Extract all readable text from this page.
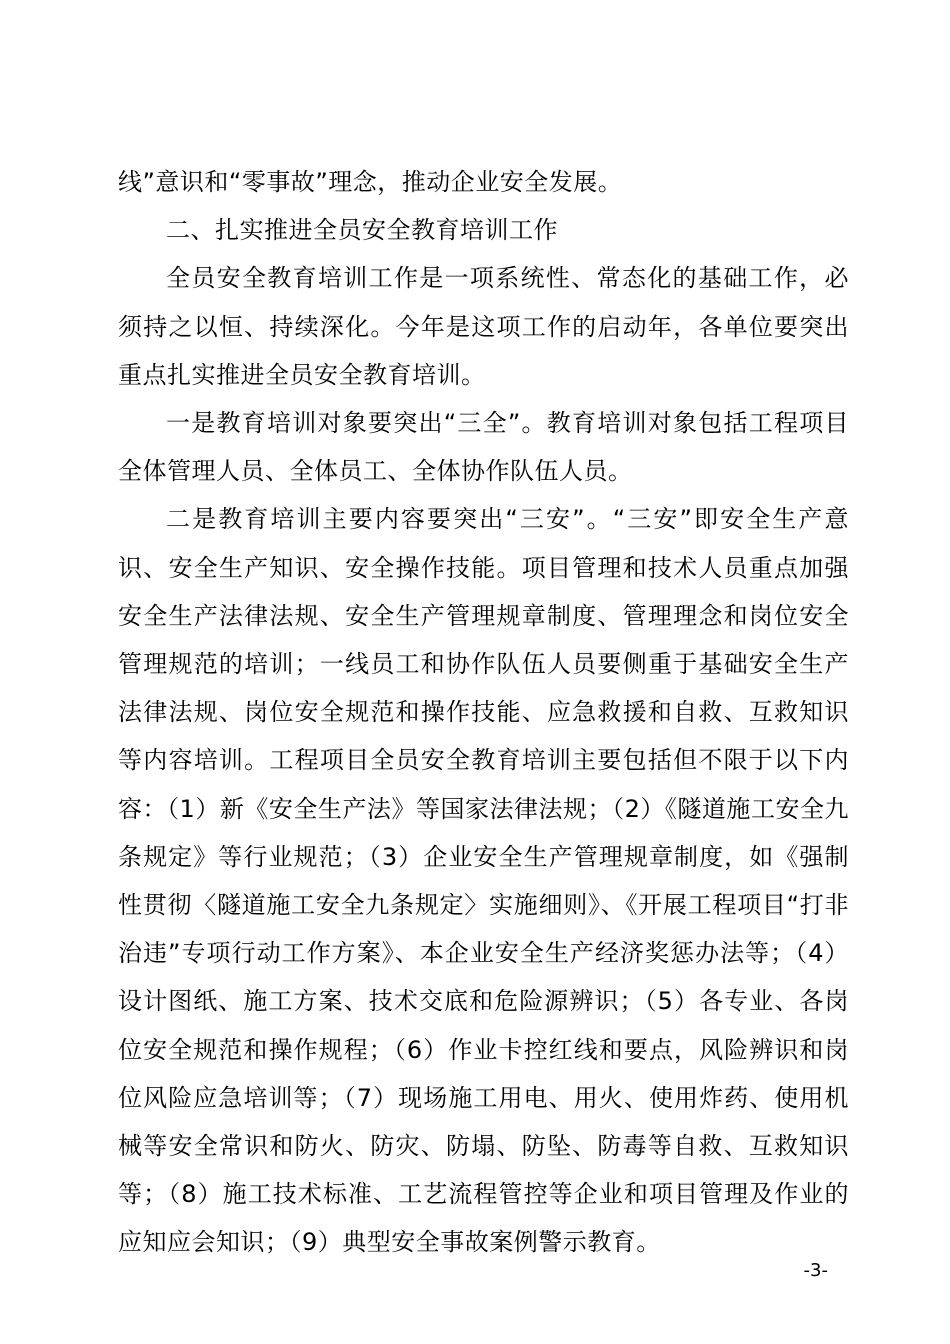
线”意识和“零事故”理念，推动企业安全发展。

二、扎实推进全员安全教育培训工作

全员安全教育培训工作是一项系统性、常态化的基础工作，必须持之以恒、持续深化。今年是这项工作的启动年，各单位要突出重点扎实推进全员安全教育培训。

一是教育培训对象要突出“三全”。教育培训对象包括工程项目全体管理人员、全体员工、全体协作队伍人员。

二是教育培训主要内容要突出“三安”。“三安”即安全生产意识、安全生产知识、安全操作技能。项目管理和技术人员重点加强安全生产法律法规、安全生产管理规章制度、管理理念和岗位安全管理规范的培训；一线员工和协作队伍人员要侧重于基础安全生产法律法规、岗位安全规范和操作技能、应急救援和自救、互救知识等内容培训。工程项目全员安全教育培训主要包括但不限于以下内容：（1）新《安全生产法》等国家法律法规；（2）《隧道施工安全九条规定》等行业规范；（3）企业安全生产管理规章制度，如《强制性贯彻〈隧道施工安全九条规定〉实施细则》、《开展工程项目“打非治违”专项行动工作方案》、本企业安全生产经济奖惩办法等；（4）设计图纸、施工方案、技术交底和危险源辨识；（5）各专业、各岗位安全规范和操作规程；（6）作业卡控红线和要点，风险辨识和岗位风险应急培训等；（7）现场施工用电、用火、使用炸药、使用机械等安全常识和防火、防灾、防塌、防坠、防毒等自救、互救知识等；（8）施工技术标准、工艺流程管控等企业和项目管理及作业的应知应会知识；（9）典型安全事故案例警示教育。

-3-
